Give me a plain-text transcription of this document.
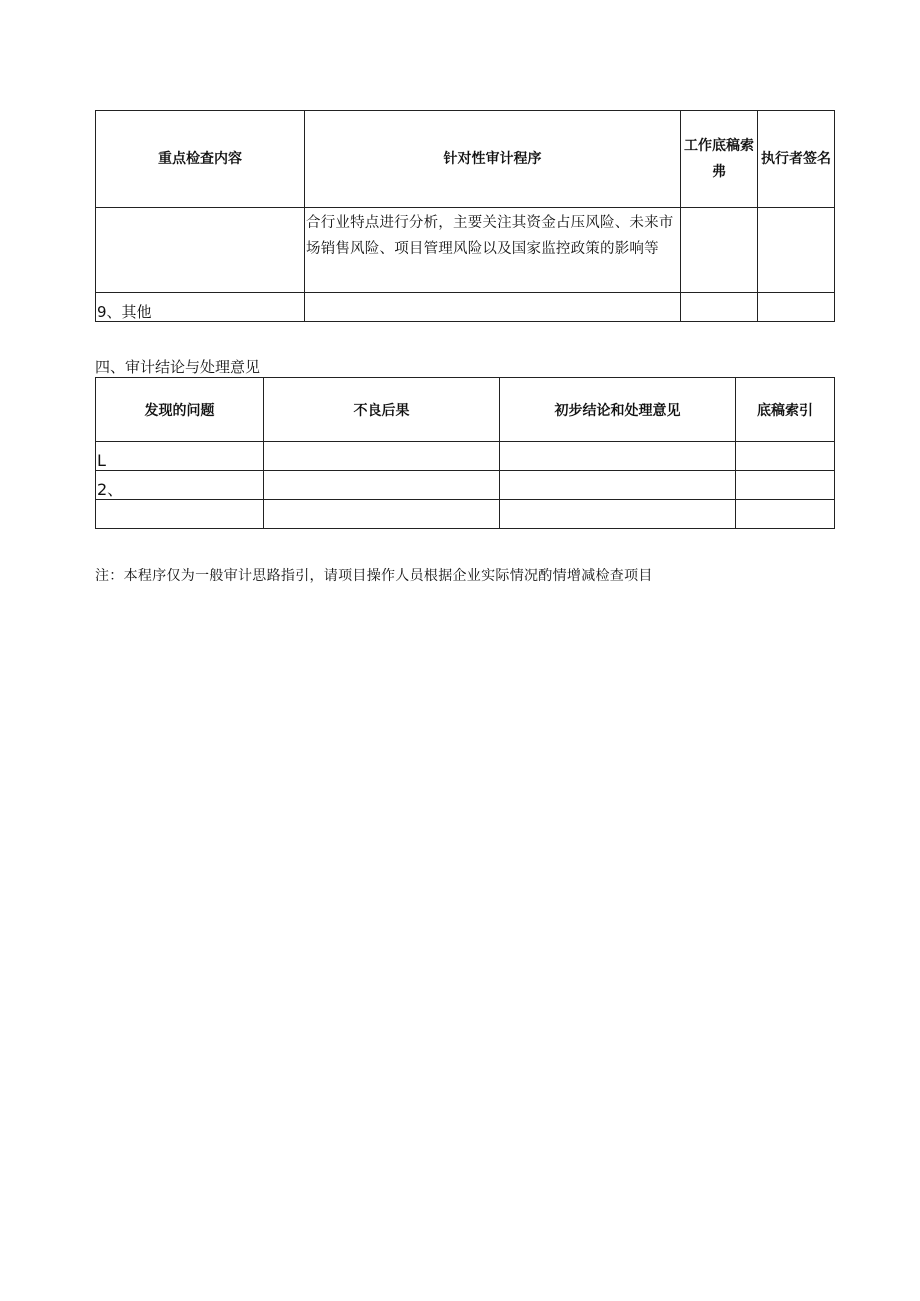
重点检查内容	针对性审计程序	工作底稿索弗	执行者签名
	合行业特点进行分析，主要关注其资金占压风险、未来市场销售风险、项目管理风险以及国家监控政策的影响等		
9、其他			
四、审计结论与处理意见
发现的问题	不良后果	初步结论和处理意见	底稿索引
L			
2、			

注：本程序仅为一般审计思路指引，请项目操作人员根据企业实际情况酌情增减检查项目
